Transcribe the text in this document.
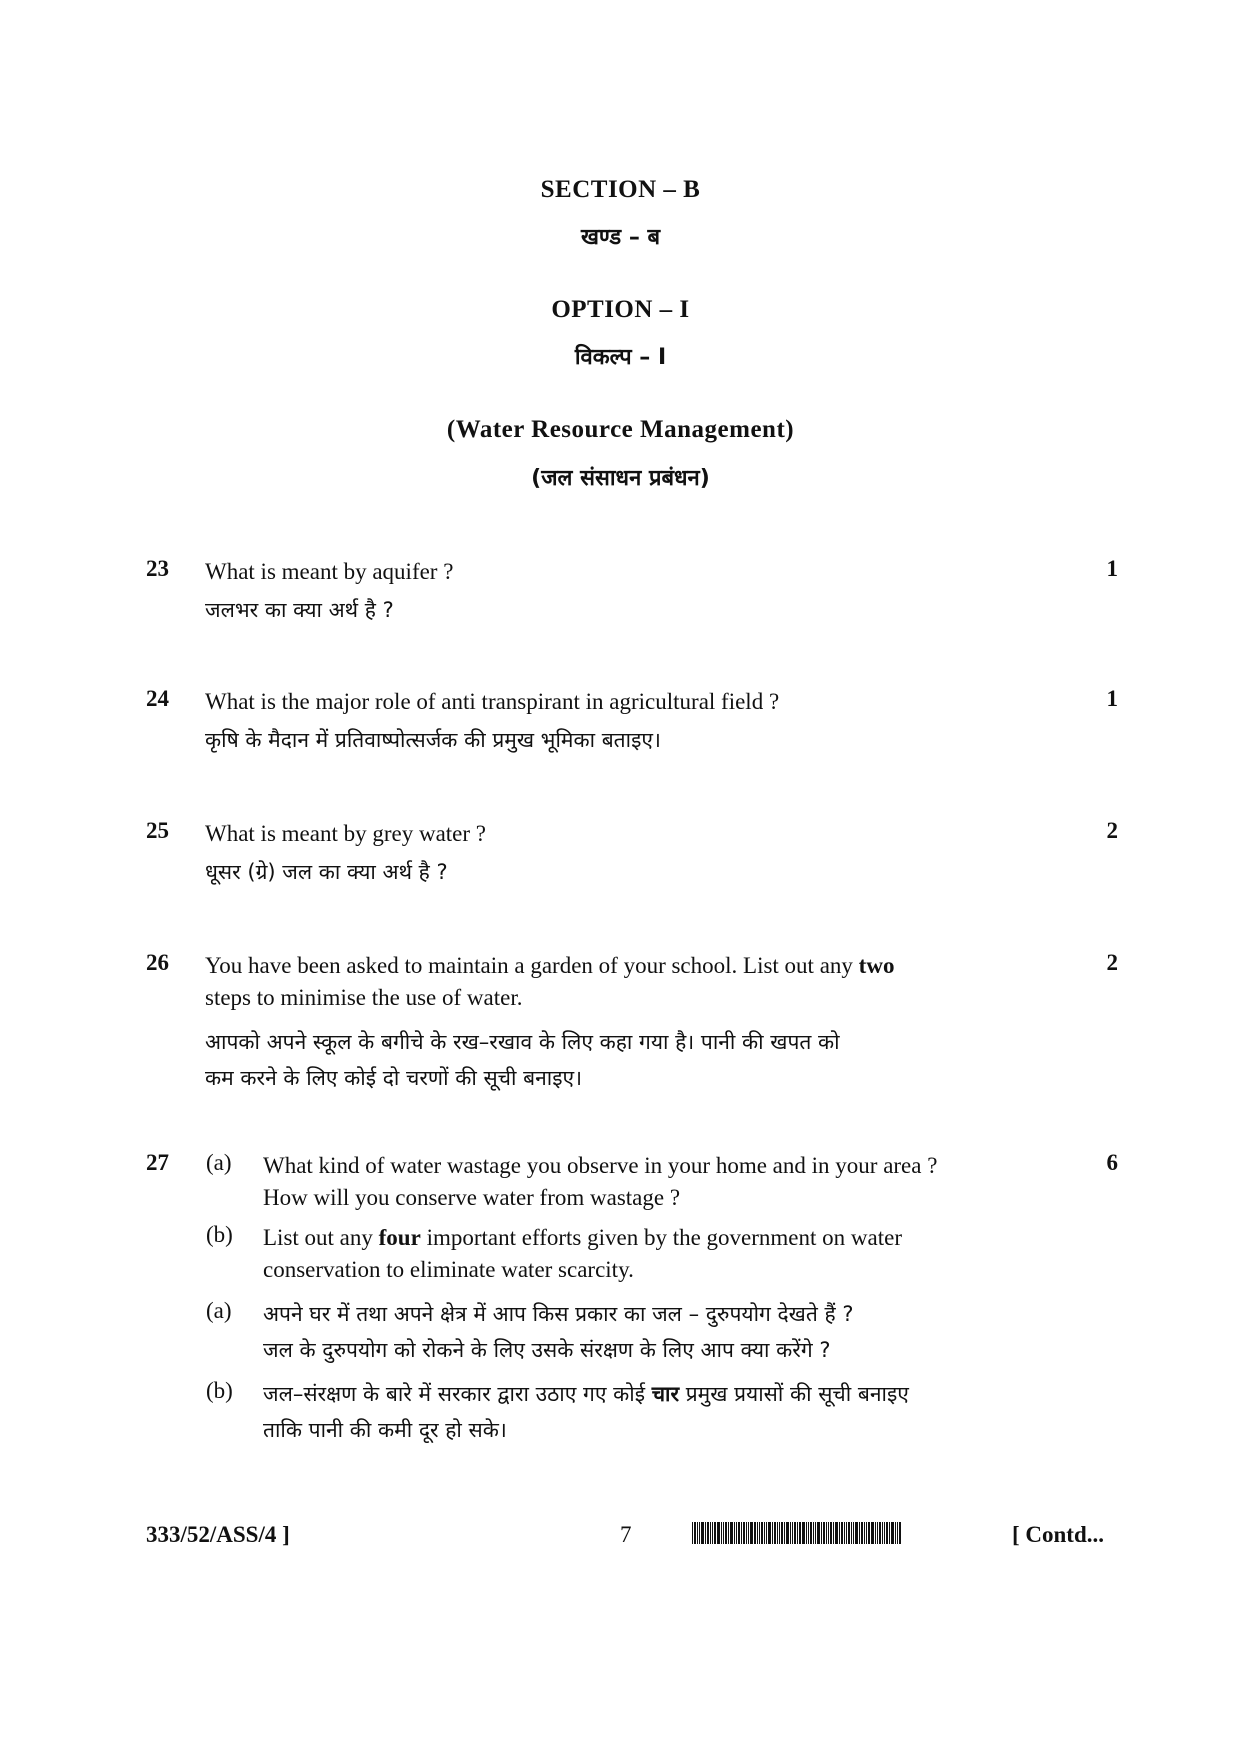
SECTION – B
खण्ड – ब
OPTION – I
विकल्प – I
(Water Resource Management)
(जल संसाधन प्रबंधन)
23 What is meant by aquifer ?	1
जलभर का क्या अर्थ है ?
24 What is the major role of anti transpirant in agricultural field ?	1
कृषि के मैदान में प्रतिवाष्पोत्सर्जक की प्रमुख भूमिका बताइए।
25 What is meant by grey water ?	2
धूसर (ग्रे) जल का क्या अर्थ है ?
26 You have been asked to maintain a garden of your school. List out any two	2
steps to minimise the use of water.
आपको अपने स्कूल के बगीचे के रख–रखाव के लिए कहा गया है। पानी की खपत को
कम करने के लिए कोई दो चरणों की सूची बनाइए।
27	6
(a) What kind of water wastage you observe in your home and in your area ?
How will you conserve water from wastage ?
(b) List out any four important efforts given by the government on water
conservation to eliminate water scarcity.
(a) अपने घर में तथा अपने क्षेत्र में आप किस प्रकार का जल – दुरुपयोग देखते हैं ?
जल के दुरुपयोग को रोकने के लिए उसके संरक्षण के लिए आप क्या करेंगे ?
(b) जल–संरक्षण के बारे में सरकार द्वारा उठाए गए कोई चार प्रमुख प्रयासों की सूची बनाइए
ताकि पानी की कमी दूर हो सके।
333/52/ASS/4 ]	7	[ Contd...
